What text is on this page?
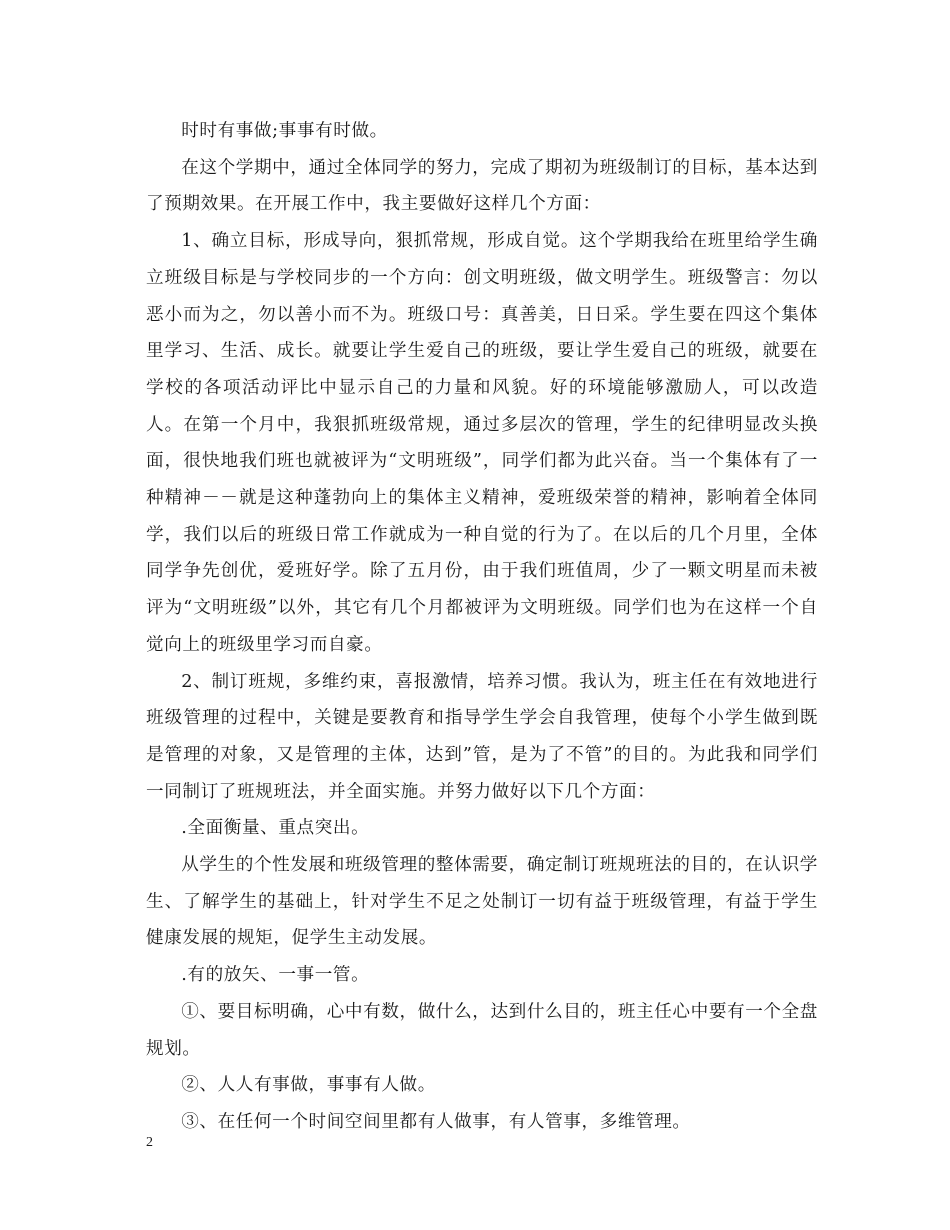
时时有事做;事事有时做。

在这个学期中，通过全体同学的努力，完成了期初为班级制订的目标，基本达到了预期效果。在开展工作中，我主要做好这样几个方面：

1、确立目标，形成导向，狠抓常规，形成自觉。这个学期我给在班里给学生确立班级目标是与学校同步的一个方向：创文明班级，做文明学生。班级警言：勿以恶小而为之，勿以善小而不为。班级口号：真善美，日日采。学生要在四这个集体里学习、生活、成长。就要让学生爱自己的班级，要让学生爱自己的班级，就要在学校的各项活动评比中显示自己的力量和风貌。好的环境能够激励人，可以改造人。在第一个月中，我狠抓班级常规，通过多层次的管理，学生的纪律明显改头换面，很快地我们班也就被评为“文明班级”，同学们都为此兴奋。当一个集体有了一种精神－－就是这种蓬勃向上的集体主义精神，爱班级荣誉的精神，影响着全体同学，我们以后的班级日常工作就成为一种自觉的行为了。在以后的几个月里，全体同学争先创优，爱班好学。除了五月份，由于我们班值周，少了一颗文明星而未被评为“文明班级”以外，其它有几个月都被评为文明班级。同学们也为在这样一个自觉向上的班级里学习而自豪。

2、制订班规，多维约束，喜报激情，培养习惯。我认为，班主任在有效地进行班级管理的过程中，关键是要教育和指导学生学会自我管理，使每个小学生做到既是管理的对象，又是管理的主体，达到”管，是为了不管”的目的。为此我和同学们一同制订了班规班法，并全面实施。并努力做好以下几个方面：

.全面衡量、重点突出。

从学生的个性发展和班级管理的整体需要，确定制订班规班法的目的，在认识学生、了解学生的基础上，针对学生不足之处制订一切有益于班级管理，有益于学生健康发展的规矩，促学生主动发展。

.有的放矢、一事一管。

①、要目标明确，心中有数，做什么，达到什么目的，班主任心中要有一个全盘规划。

②、人人有事做，事事有人做。

③、在任何一个时间空间里都有人做事，有人管事，多维管理。

2
